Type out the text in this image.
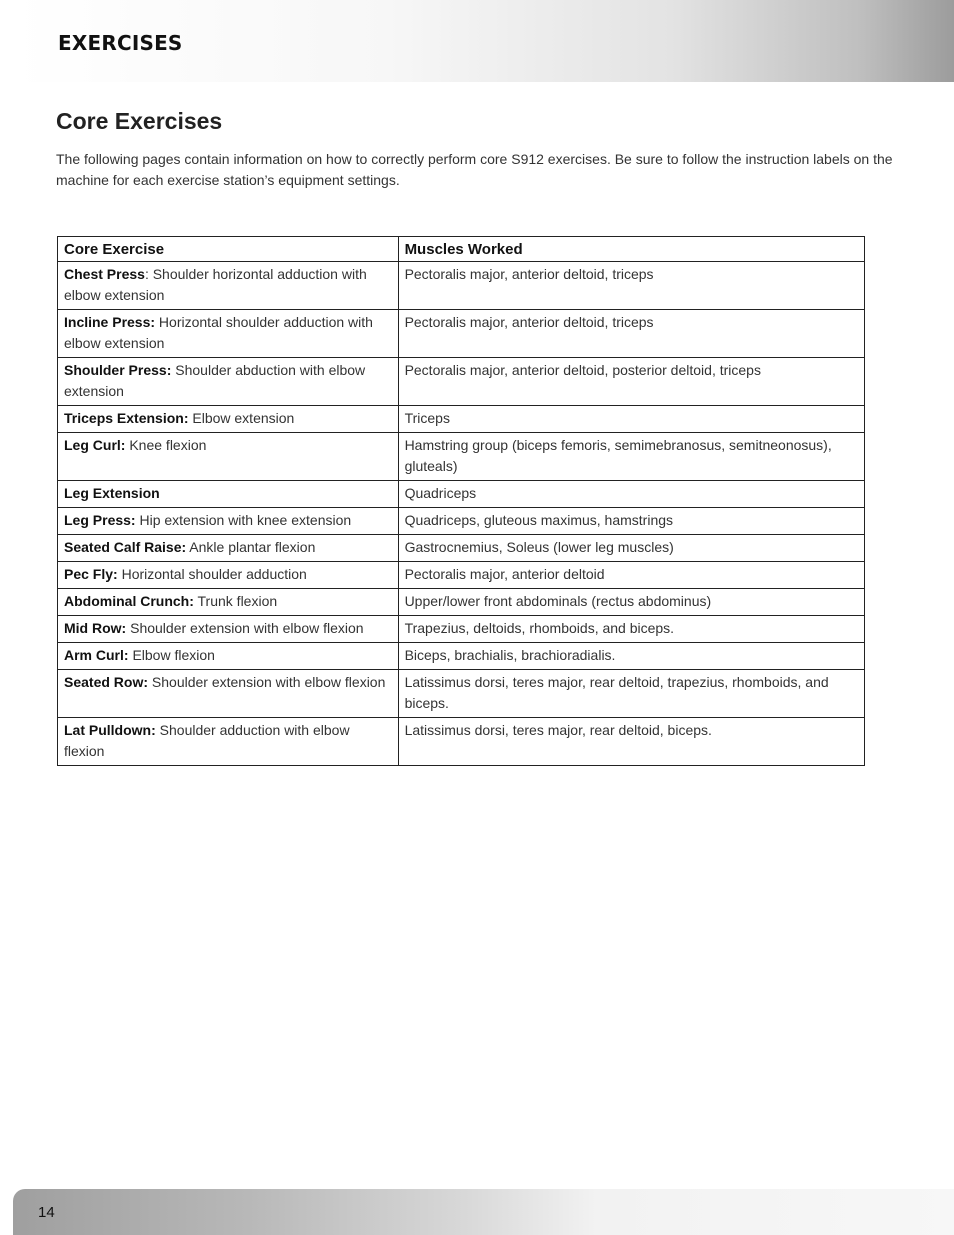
EXERCISES
Core Exercises

The following pages contain information on how to correctly perform core S912 exercises. Be sure to follow the instruction labels on the machine for each exercise station’s equipment settings.

Core Exercise	Muscles Worked
Chest Press: Shoulder horizontal adduction with elbow extension	Pectoralis major, anterior deltoid, triceps
Incline Press: Horizontal shoulder adduction with elbow extension	Pectoralis major, anterior deltoid, triceps
Shoulder Press: Shoulder abduction with elbow extension	Pectoralis major, anterior deltoid, posterior deltoid, triceps
Triceps Extension: Elbow extension	Triceps
Leg Curl: Knee flexion	Hamstring group (biceps femoris, semimebranosus, semitneonosus), gluteals)
Leg Extension	Quadriceps
Leg Press: Hip extension with knee extension	Quadriceps, gluteous maximus, hamstrings
Seated Calf Raise: Ankle plantar flexion	Gastrocnemius, Soleus (lower leg muscles)
Pec Fly: Horizontal shoulder adduction	Pectoralis major, anterior deltoid
Abdominal Crunch: Trunk flexion	Upper/lower front abdominals (rectus abdominus)
Mid Row: Shoulder extension with elbow flexion	Trapezius, deltoids, rhomboids, and biceps.
Arm Curl: Elbow flexion	Biceps, brachialis, brachioradialis.
Seated Row: Shoulder extension with elbow flexion	Latissimus dorsi, teres major, rear deltoid, trapezius, rhomboids, and biceps.
Lat Pulldown: Shoulder adduction with elbow flexion	Latissimus dorsi, teres major, rear deltoid, biceps.
14
